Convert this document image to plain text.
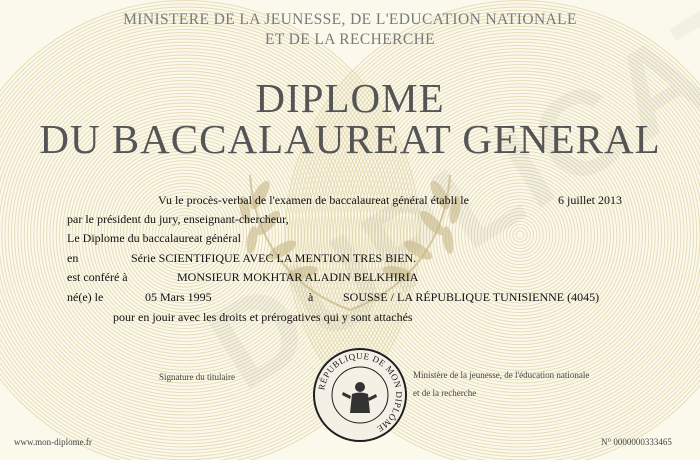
MINISTERE DE LA JEUNESSE, DE L'EDUCATION NATIONALE
ET DE LA RECHERCHE
DIPLOME
DU BACCALAUREAT GENERAL
Vu le procès-verbal de l'examen de baccalaureat général établi le	6 juillet 2013
par le président du jury, enseignant-chercheur,
Le Diplome du baccalaureat général
en	Série SCIENTIFIQUE AVEC LA MENTION TRES BIEN.
est conféré à	MONSIEUR MOKHTAR ALADIN BELKHIRIA
né(e) le	05 Mars 1995	à SOUSSE / LA RÉPUBLIQUE TUNISIENNE (4045)
pour en jouir avec les droits et prérogatives qui y sont attachés
Signature du titulaire	Ministère de la jeunesse, de l'éducation nationale
et de la recherche
RÉPUBLIQUE DE MON DIPLÔME
www.mon-diplome.fr	N° 0000000333465
